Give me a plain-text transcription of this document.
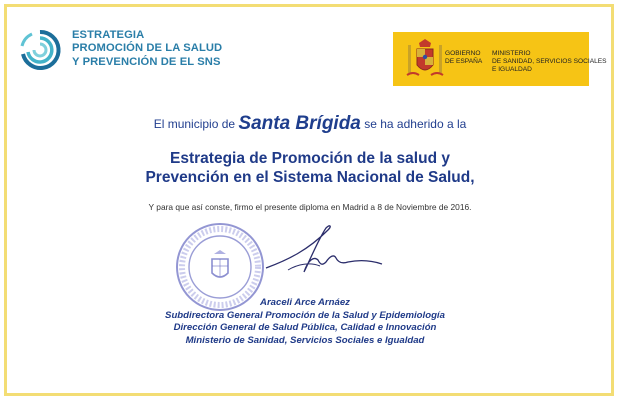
ESTRATEGIA
PROMOCIÓN DE LA SALUD
Y PREVENCIÓN DE EL SNS
GOBIERNO
DE ESPAÑA
MINISTERIO
DE SANIDAD, SERVICIOS SOCIALES
E IGUALDAD
El municipio de Santa Brígida se ha adherido a la
Estrategia de Promoción de la salud y
Prevención en el Sistema Nacional de Salud,
Y para que así conste, firmo el presente diploma en Madrid a 8 de Noviembre de 2016.
Araceli Arce Arnáez
Subdirectora General Promoción de la Salud y Epidemiología
Dirección General de Salud Pública, Calidad e Innovación
Ministerio de Sanidad, Servicios Sociales e Igualdad
